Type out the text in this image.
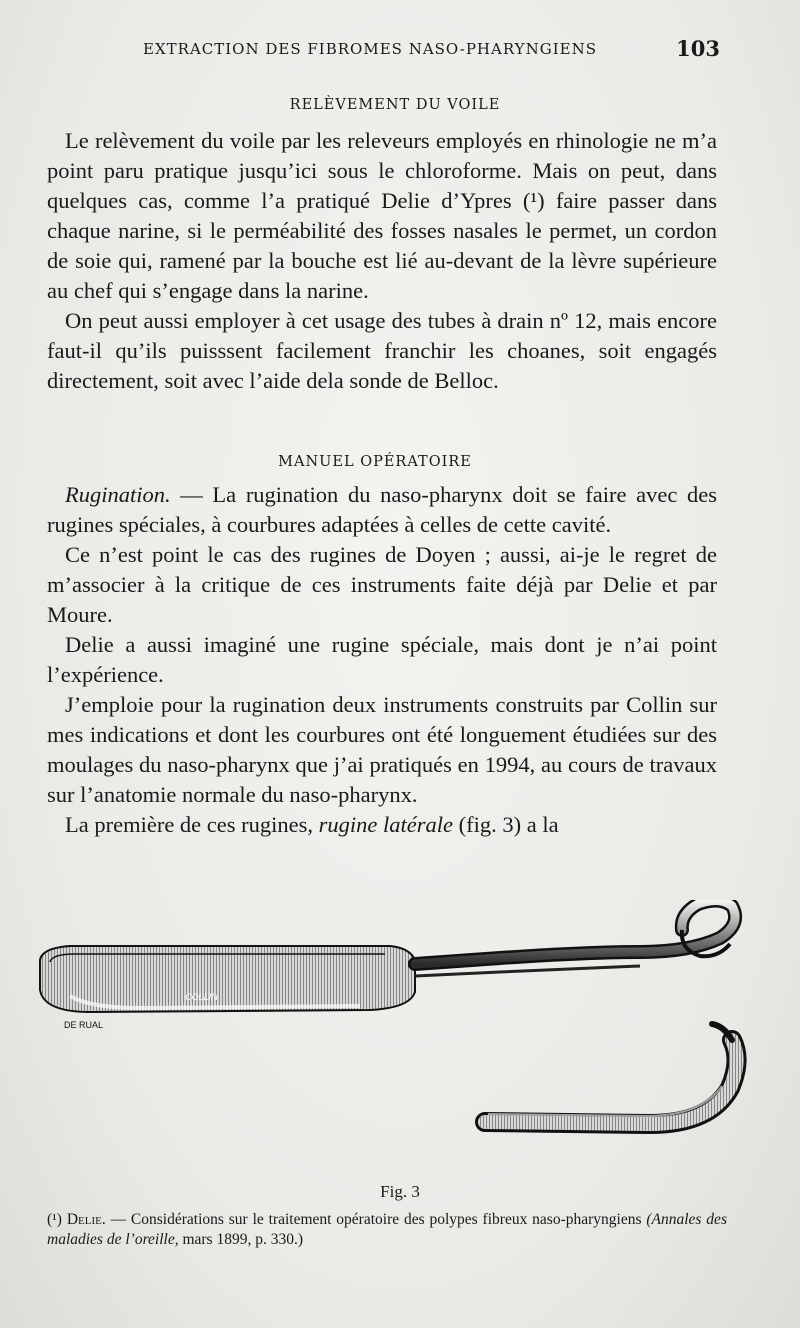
EXTRACTION DES FIBROMES NASO-PHARYNGIENS	103
RELÈVEMENT DU VOILE

Le relèvement du voile par les releveurs employés en rhinologie ne m’a point paru pratique jusqu’ici sous le chloroforme. Mais on peut, dans quelques cas, comme l’a pratiqué Delie d’Ypres (¹) faire passer dans chaque narine, si le perméabilité des fosses nasales le permet, un cordon de soie qui, ramené par la bouche est lié au-devant de la lèvre supérieure au chef qui s’engage dans la narine.

On peut aussi employer à cet usage des tubes à drain nº 12, mais encore faut-il qu’ils puisssent facilement franchir les choanes, soit engagés directement, soit avec l’aide dela sonde de Belloc.

MANUEL OPÉRATOIRE

Rugination. — La rugination du naso-pharynx doit se faire avec des rugines spéciales, à courbures adaptées à celles de cette cavité.

Ce n’est point le cas des rugines de Doyen ; aussi, ai-je le regret de m’associer à la critique de ces instruments faite déjà par Delie et par Moure.

Delie a aussi imaginé une rugine spéciale, mais dont je n’ai point l’expérience.

J’emploie pour la rugination deux instruments construits par Collin sur mes indications et dont les courbures ont été longuement étudiées sur des moulages du naso-pharynx que j’ai pratiqués en 1994, au cours de travaux sur l’anatomie normale du naso-pharynx.

La première de ces rugines, rugine latérale (fig. 3) a la

COLLIN
DE RUAL
Fig. 3
(¹) Delie. — Considérations sur le traitement opératoire des polypes fibreux naso-pharyngiens (Annales des maladies de l’oreille, mars 1899, p. 330.)
